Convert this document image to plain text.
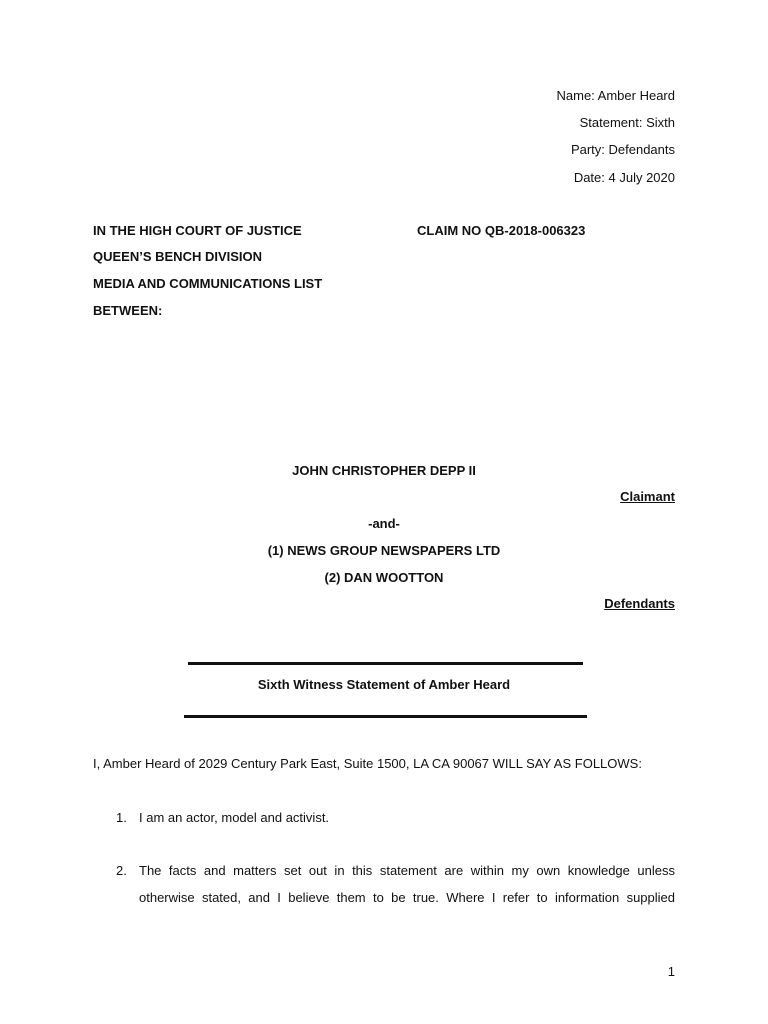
Name: Amber Heard
Statement: Sixth
Party: Defendants
Date: 4 July 2020
IN THE HIGH COURT OF JUSTICE	CLAIM NO QB-2018-006323
QUEEN’S BENCH DIVISION
MEDIA AND COMMUNICATIONS LIST
BETWEEN:
JOHN CHRISTOPHER DEPP II
Claimant
-and-
(1) NEWS GROUP NEWSPAPERS LTD
(2) DAN WOOTTON
Defendants
Sixth Witness Statement of Amber Heard
I, Amber Heard of 2029 Century Park East, Suite 1500, LA CA 90067 WILL SAY AS FOLLOWS:
1. I am an actor, model and activist.
2. The facts and matters set out in this statement are within my own knowledge unless
otherwise stated, and I believe them to be true. Where I refer to information supplied
1
